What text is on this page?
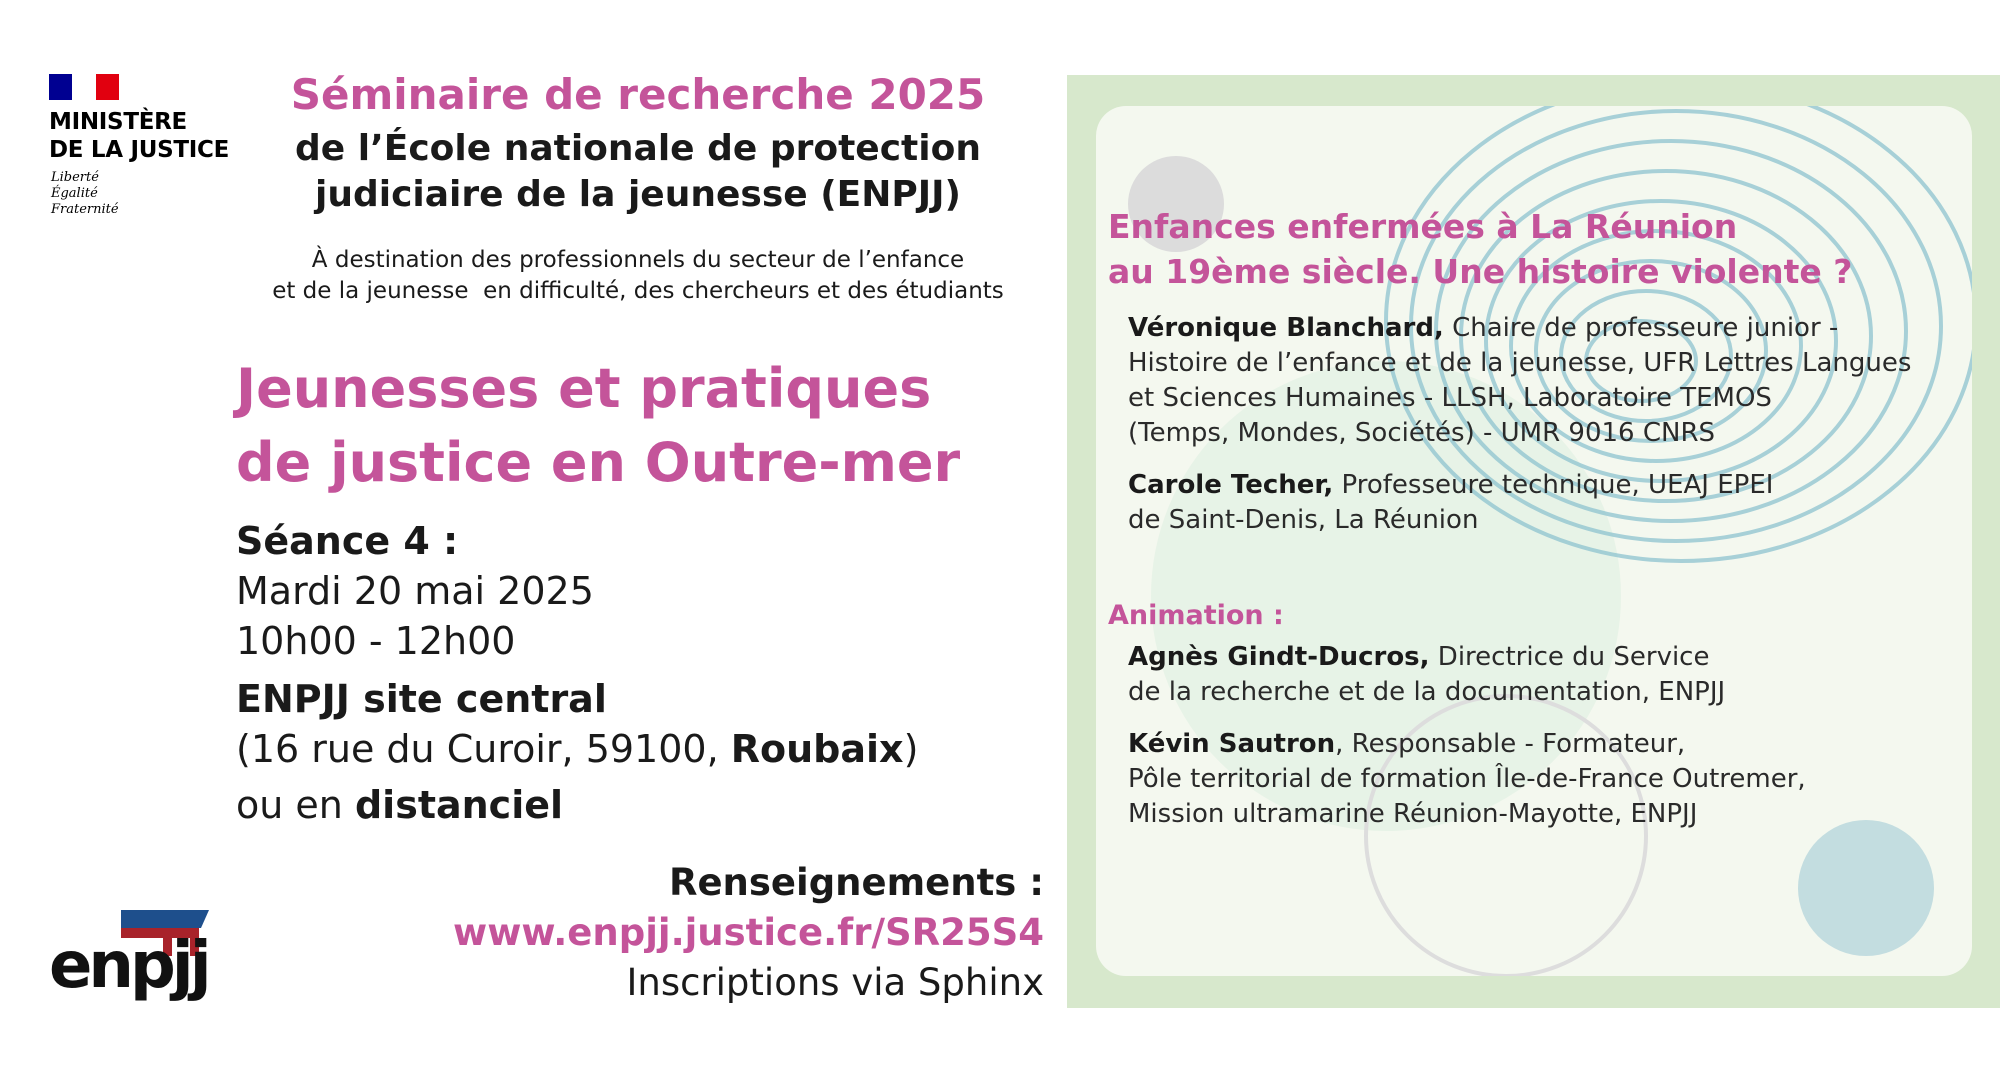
MINISTÈRE
DE LA JUSTICE
Liberté
Égalité
Fraternité
Séminaire de recherche 2025
de l’École nationale de protection
judiciaire de la jeunesse (ENPJJ)
À destination des professionnels du secteur de l’enfance
et de la jeunesse  en difficulté, des chercheurs et des étudiants
Jeunesses et pratiques
de justice en Outre-mer
Séance 4 :
Mardi 20 mai 2025
10h00 - 12h00
ENPJJ site central
(16 rue du Curoir, 59100, Roubaix)
ou en distanciel
Renseignements :
www.enpjj.justice.fr/SR25S4
Inscriptions via Sphinx
enpjj
Enfances enfermées à La Réunion
au 19ème siècle. Une histoire violente ?
Véronique Blanchard, Chaire de professeure junior -
Histoire de l’enfance et de la jeunesse, UFR Lettres Langues
et Sciences Humaines - LLSH, Laboratoire TEMOS
(Temps, Mondes, Sociétés) - UMR 9016 CNRS
Carole Techer, Professeure technique, UEAJ EPEI
de Saint-Denis, La Réunion
Animation :
Agnès Gindt-Ducros, Directrice du Service
de la recherche et de la documentation, ENPJJ
Kévin Sautron, Responsable - Formateur,
Pôle territorial de formation Île-de-France Outremer,
Mission ultramarine Réunion-Mayotte, ENPJJ
